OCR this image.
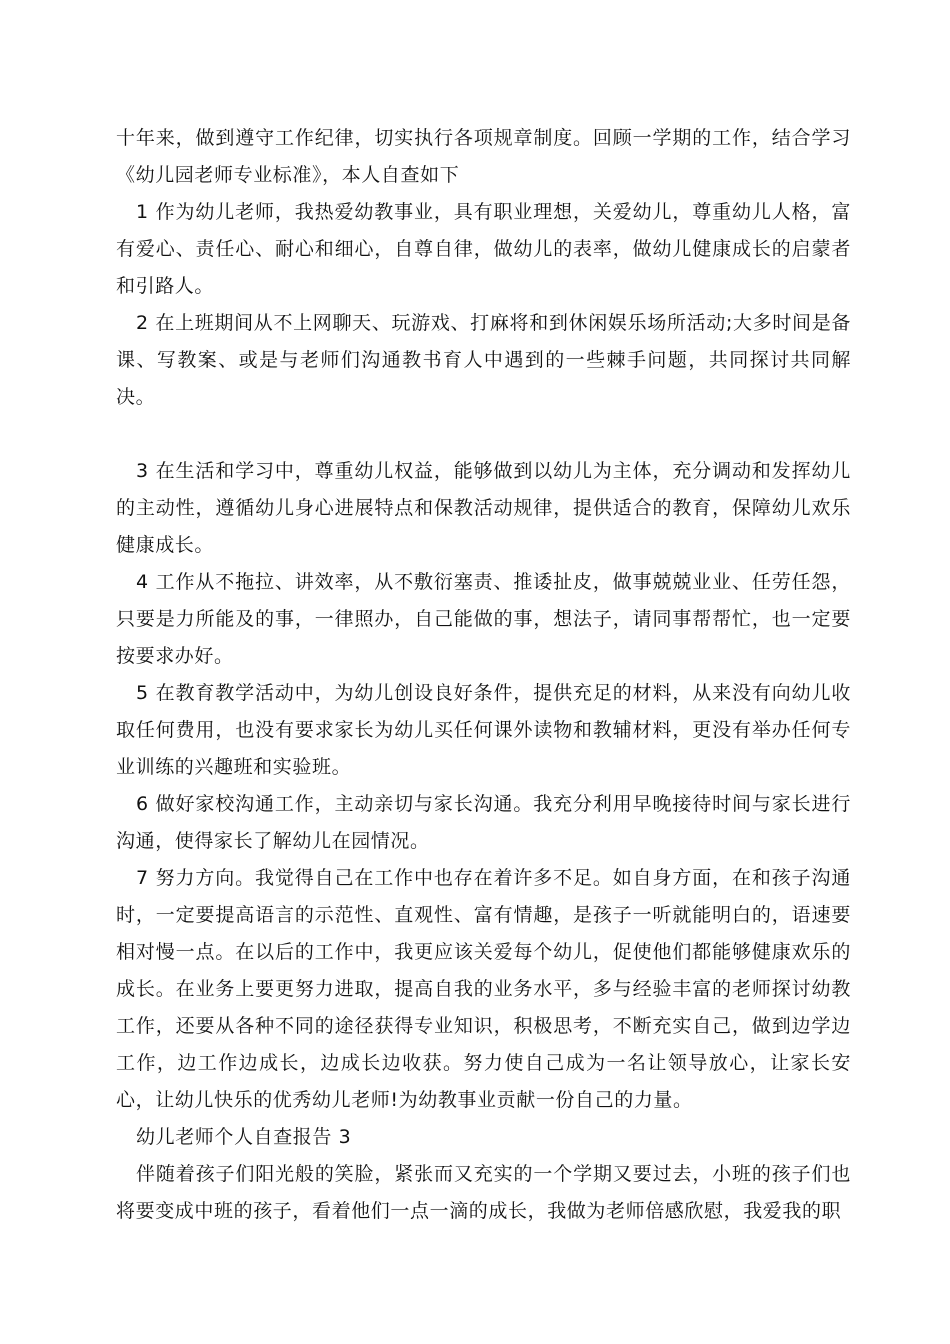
十年来，做到遵守工作纪律，切实执行各项规章制度。回顾一学期的工作，结合学习《幼儿园老师专业标准》，本人自查如下

1 作为幼儿老师，我热爱幼教事业，具有职业理想，关爱幼儿，尊重幼儿人格，富有爱心、责任心、耐心和细心，自尊自律，做幼儿的表率，做幼儿健康成长的启蒙者和引路人。

2 在上班期间从不上网聊天、玩游戏、打麻将和到休闲娱乐场所活动;大多时间是备课、写教案、或是与老师们沟通教书育人中遇到的一些棘手问题，共同探讨共同解决。

3 在生活和学习中，尊重幼儿权益，能够做到以幼儿为主体，充分调动和发挥幼儿的主动性，遵循幼儿身心进展特点和保教活动规律，提供适合的教育，保障幼儿欢乐健康成长。

4 工作从不拖拉、讲效率，从不敷衍塞责、推诿扯皮，做事兢兢业业、任劳任怨，只要是力所能及的事，一律照办，自己能做的事，想法子，请同事帮帮忙，也一定要按要求办好。

5 在教育教学活动中，为幼儿创设良好条件，提供充足的材料，从来没有向幼儿收取任何费用，也没有要求家长为幼儿买任何课外读物和教辅材料，更没有举办任何专业训练的兴趣班和实验班。

6 做好家校沟通工作，主动亲切与家长沟通。我充分利用早晚接待时间与家长进行沟通，使得家长了解幼儿在园情况。

7 努力方向。我觉得自己在工作中也存在着许多不足。如自身方面，在和孩子沟通时，一定要提高语言的示范性、直观性、富有情趣，是孩子一听就能明白的，语速要相对慢一点。在以后的工作中，我更应该关爱每个幼儿，促使他们都能够健康欢乐的成长。在业务上要更努力进取，提高自我的业务水平，多与经验丰富的老师探讨幼教工作，还要从各种不同的途径获得专业知识，积极思考，不断充实自己，做到边学边工作，边工作边成长，边成长边收获。努力使自己成为一名让领导放心，让家长安心，让幼儿快乐的优秀幼儿老师!为幼教事业贡献一份自己的力量。

幼儿老师个人自查报告 3

伴随着孩子们阳光般的笑脸，紧张而又充实的一个学期又要过去，小班的孩子们也将要变成中班的孩子，看着他们一点一滴的成长，我做为老师倍感欣慰，我爱我的职
